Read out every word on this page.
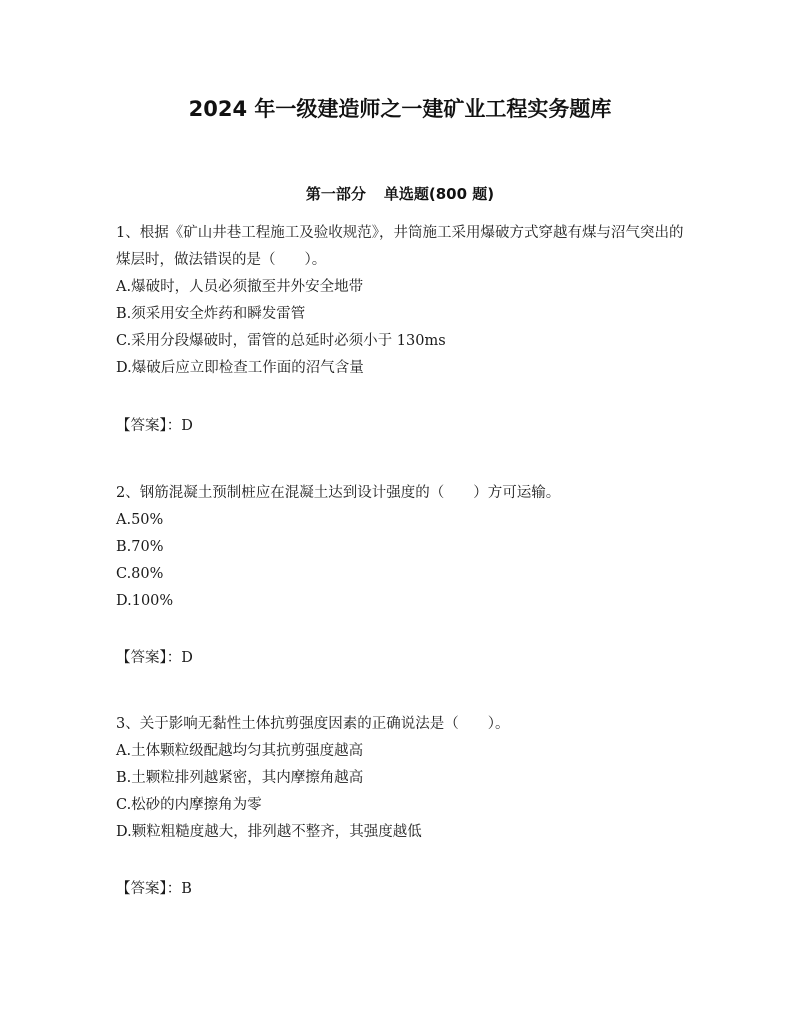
2024 年一级建造师之一建矿业工程实务题库
第一部分 单选题(800 题)

1、根据《矿山井巷工程施工及验收规范》，井筒施工采用爆破方式穿越有煤与沼气突出的煤层时，做法错误的是（　　）。

A.爆破时，人员必须撤至井外安全地带

B.须采用安全炸药和瞬发雷管

C.采用分段爆破时，雷管的总延时必须小于 130ms

D.爆破后应立即检查工作面的沼气含量

【答案】：D

2、钢筋混凝土预制桩应在混凝土达到设计强度的（　　）方可运输。

A.50%

B.70%

C.80%

D.100%

【答案】：D

3、关于影响无黏性土体抗剪强度因素的正确说法是（　　）。

A.土体颗粒级配越均匀其抗剪强度越高

B.土颗粒排列越紧密，其内摩擦角越高

C.松砂的内摩擦角为零

D.颗粒粗糙度越大，排列越不整齐，其强度越低

【答案】：B
